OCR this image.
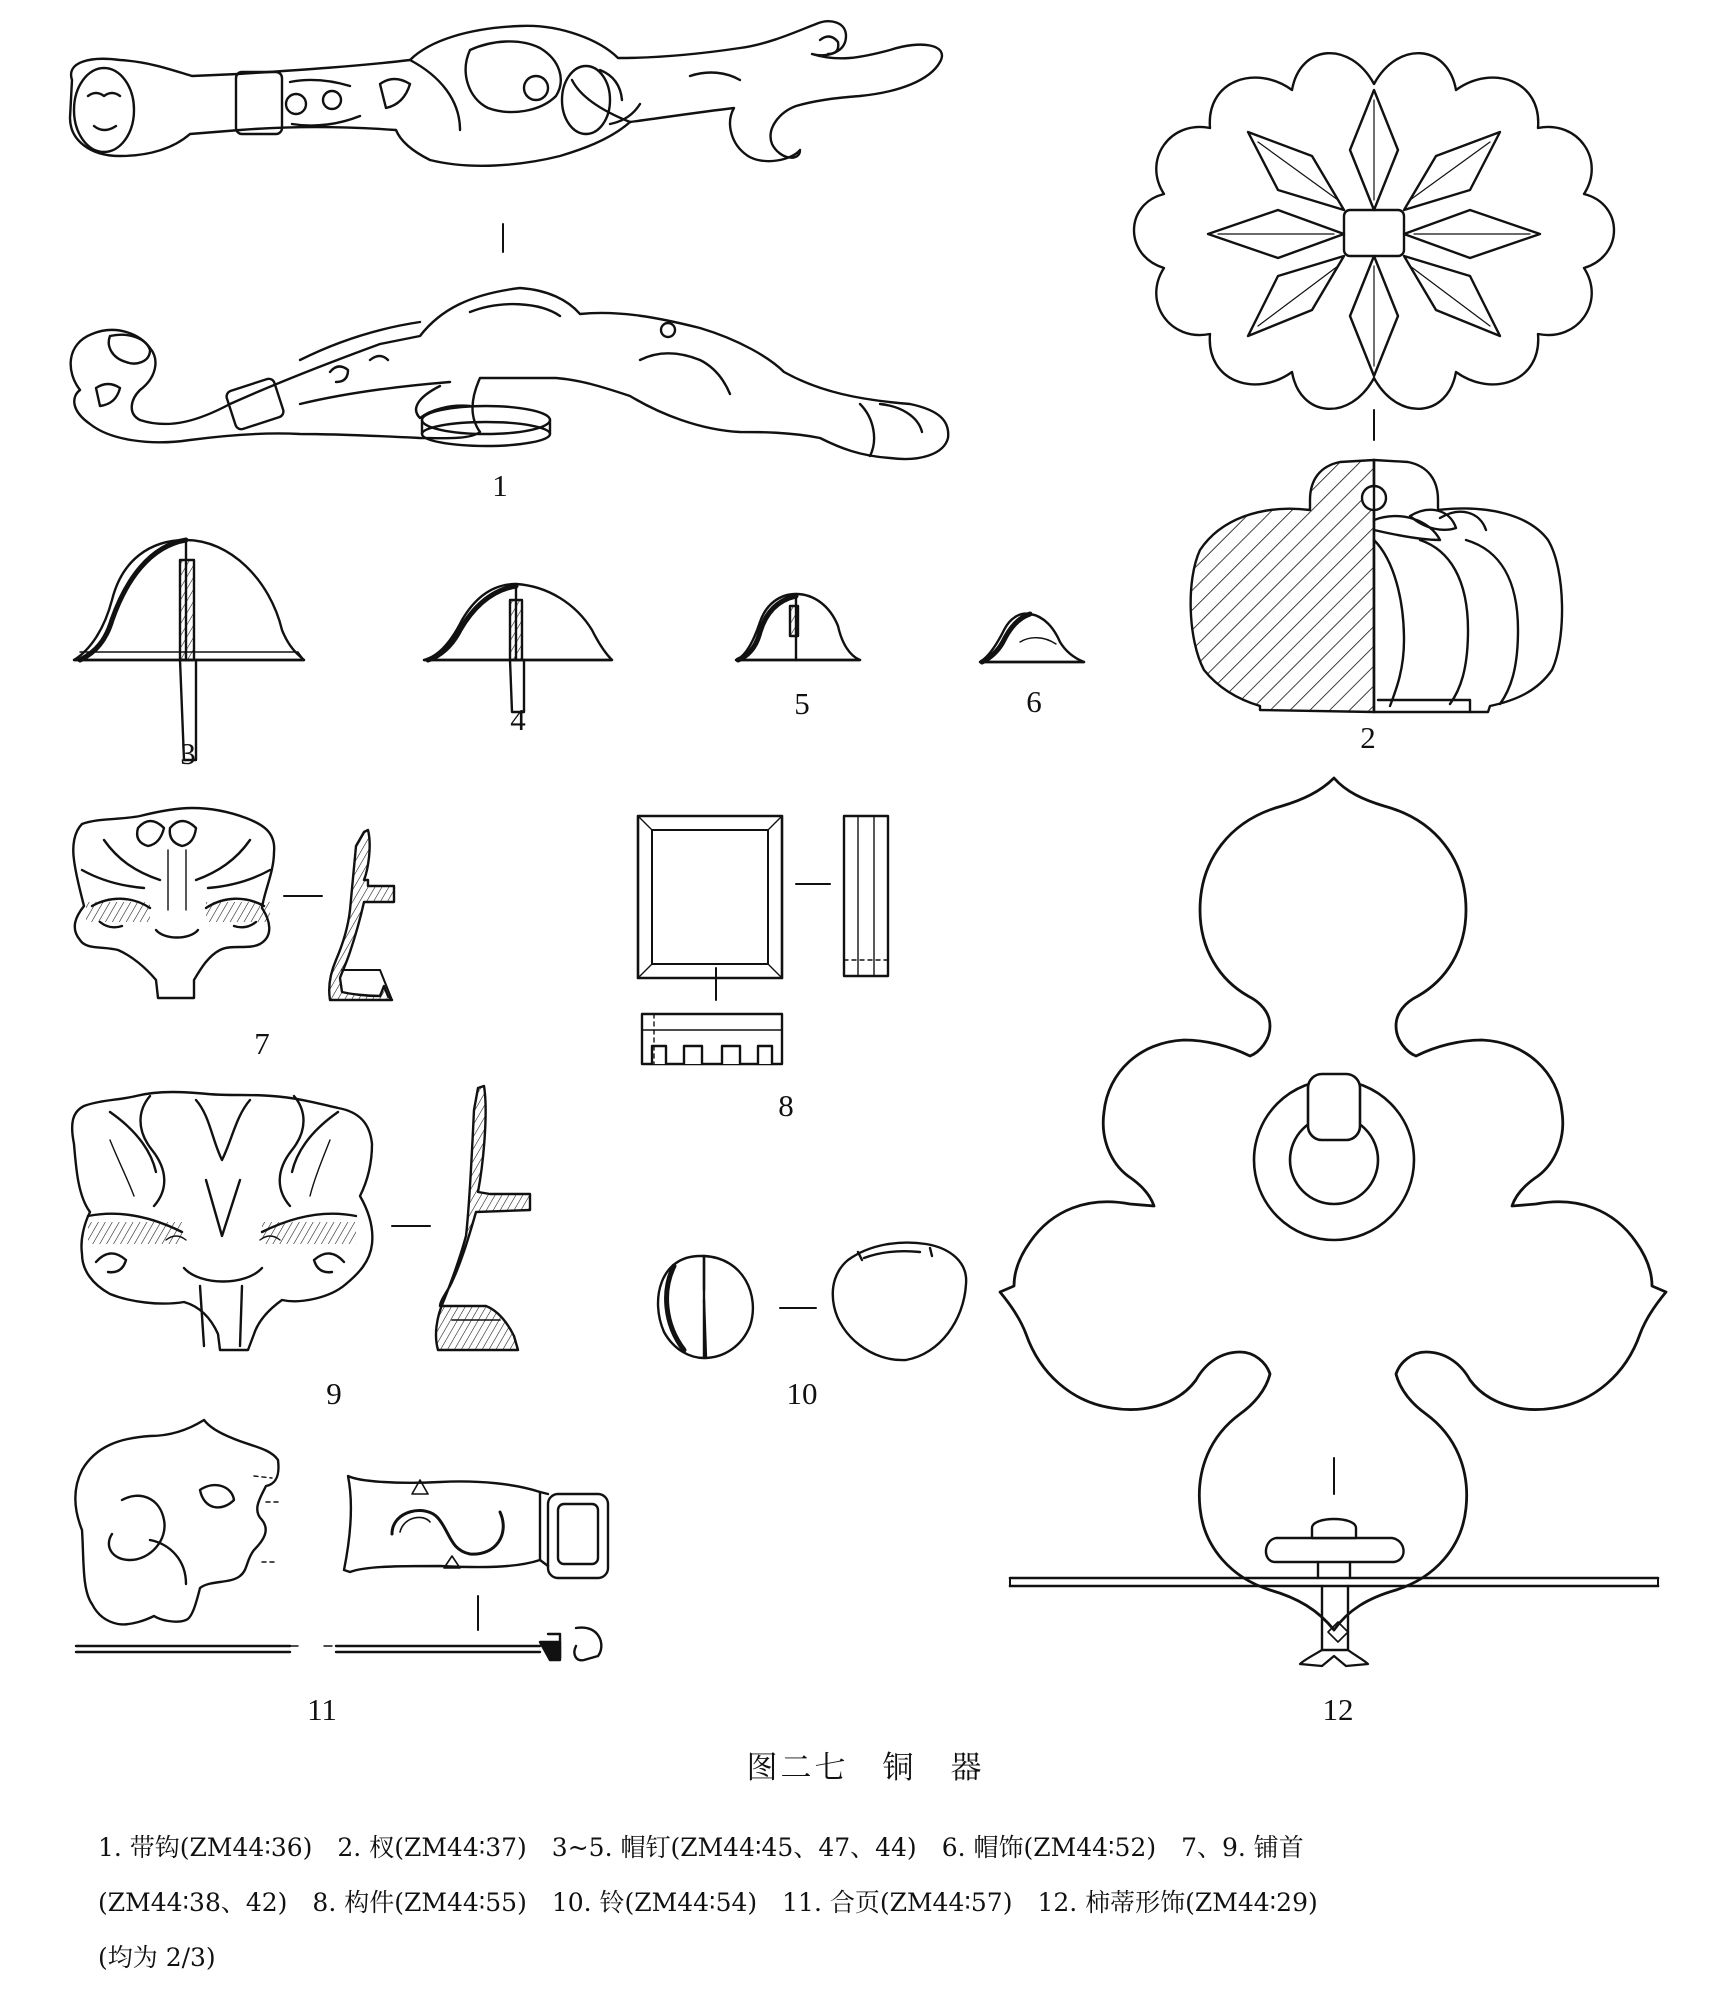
1
2
3
4	5	6
7
8
9	10
11	12
图二七　铜　器
1. 带钩(ZM44∶36)　2. 杈(ZM44∶37)　3~5. 帽钉(ZM44∶45、47、44)　6. 帽饰(ZM44∶52)　7、9. 铺首
(ZM44∶38、42)　8. 构件(ZM44∶55)　10. 铃(ZM44∶54)　11. 合页(ZM44∶57)　12. 柿蒂形饰(ZM44∶29)
(均为 2/3)
